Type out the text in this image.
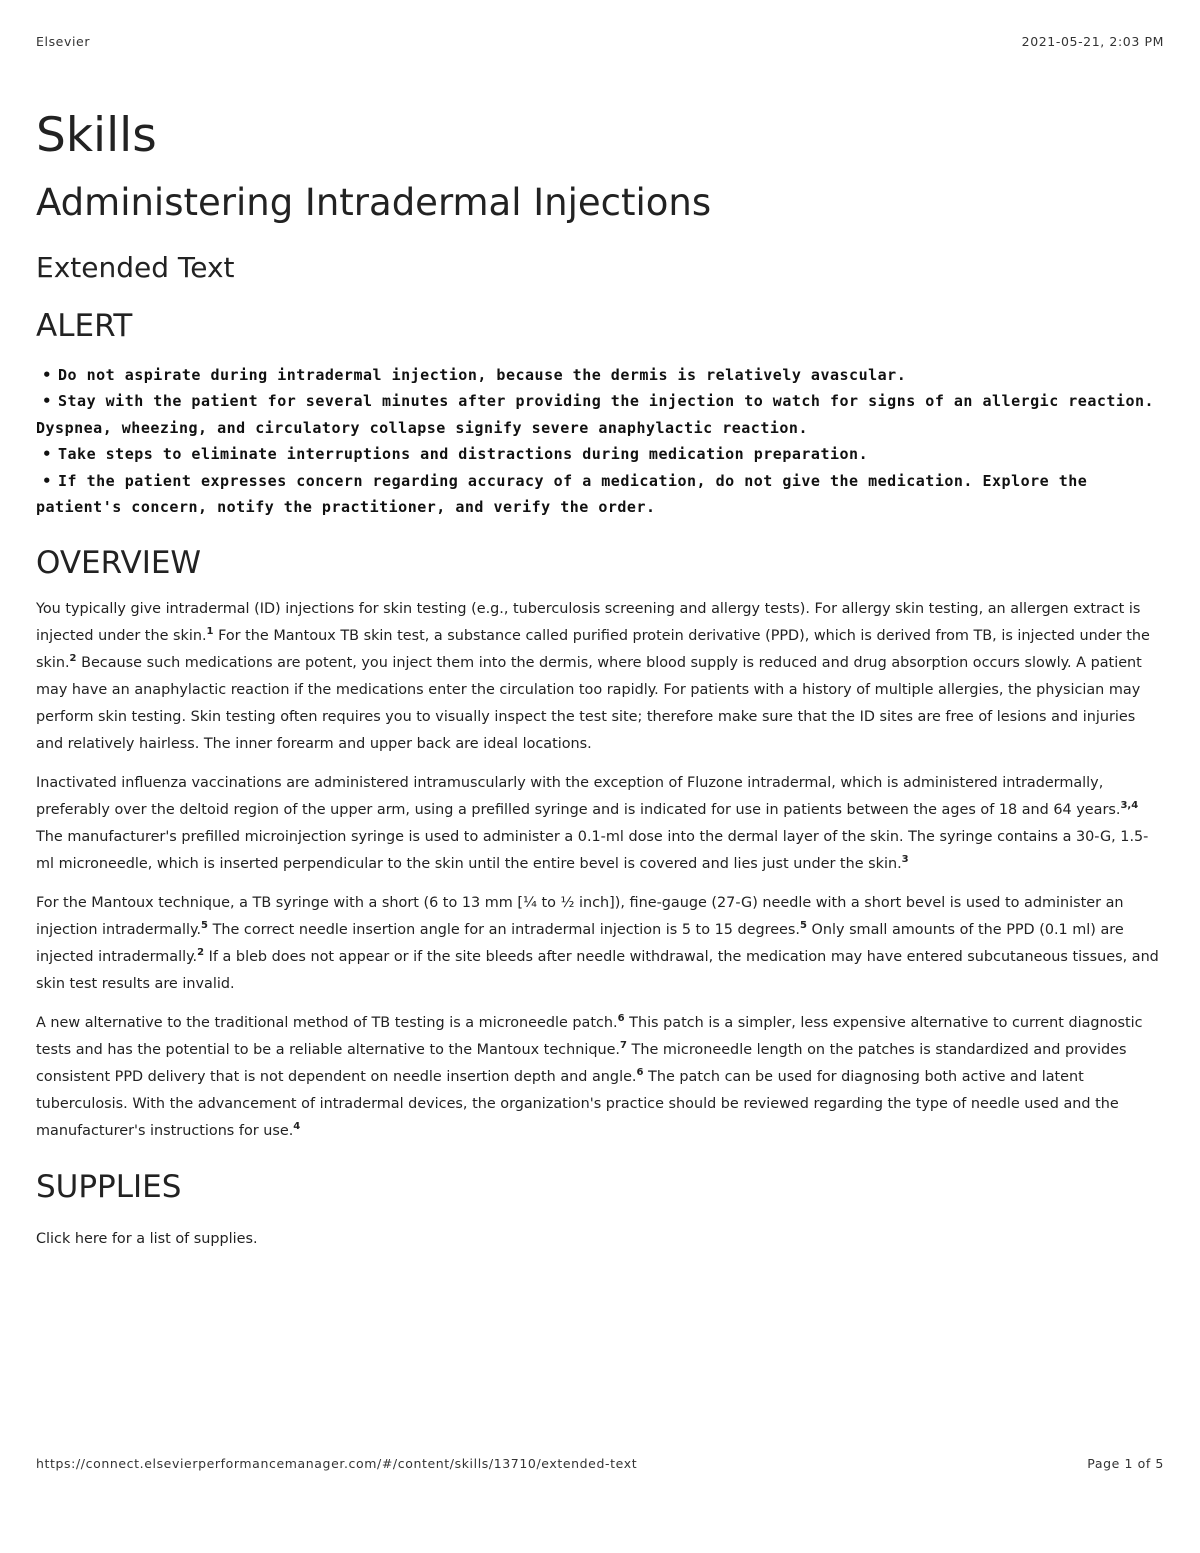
Elsevier	2021-05-21, 2:03 PM
Skills
Administering Intradermal Injections
Extended Text
ALERT
• Do not aspirate during intradermal injection, because the dermis is relatively avascular.
• Stay with the patient for several minutes after providing the injection to watch for signs of an allergic reaction. Dyspnea, wheezing, and circulatory collapse signify severe anaphylactic reaction.
• Take steps to eliminate interruptions and distractions during medication preparation.
• If the patient expresses concern regarding accuracy of a medication, do not give the medication. Explore the patient's concern, notify the practitioner, and verify the order.
OVERVIEW

You typically give intradermal (ID) injections for skin testing (e.g., tuberculosis screening and allergy tests). For allergy skin testing, an allergen extract is injected under the skin.$^1$ For the Mantoux TB skin test, a substance called purified protein derivative (PPD), which is derived from TB, is injected under the skin.$^2$ Because such medications are potent, you inject them into the dermis, where blood supply is reduced and drug absorption occurs slowly. A patient may have an anaphylactic reaction if the medications enter the circulation too rapidly. For patients with a history of multiple allergies, the physician may perform skin testing. Skin testing often requires you to visually inspect the test site; therefore make sure that the ID sites are free of lesions and injuries and relatively hairless. The inner forearm and upper back are ideal locations.

Inactivated influenza vaccinations are administered intramuscularly with the exception of Fluzone intradermal, which is administered intradermally, preferably over the deltoid region of the upper arm, using a prefilled syringe and is indicated for use in patients between the ages of 18 and 64 years.$^{3,4}$ The manufacturer's prefilled microinjection syringe is used to administer a 0.1-ml dose into the dermal layer of the skin. The syringe contains a 30-G, 1.5-ml microneedle, which is inserted perpendicular to the skin until the entire bevel is covered and lies just under the skin.$^3$

For the Mantoux technique, a TB syringe with a short (6 to 13 mm [¼ to ½ inch]), fine-gauge (27-G) needle with a short bevel is used to administer an injection intradermally.$^5$ The correct needle insertion angle for an intradermal injection is 5 to 15 degrees.$^5$ Only small amounts of the PPD (0.1 ml) are injected intradermally.$^2$ If a bleb does not appear or if the site bleeds after needle withdrawal, the medication may have entered subcutaneous tissues, and skin test results are invalid.

A new alternative to the traditional method of TB testing is a microneedle patch.$^6$ This patch is a simpler, less expensive alternative to current diagnostic tests and has the potential to be a reliable alternative to the Mantoux technique.$^7$ The microneedle length on the patches is standardized and provides consistent PPD delivery that is not dependent on needle insertion depth and angle.$^6$ The patch can be used for diagnosing both active and latent tuberculosis. With the advancement of intradermal devices, the organization's practice should be reviewed regarding the type of needle used and the manufacturer's instructions for use.$^4$

SUPPLIES
Click here for a list of supplies.
https://connect.elsevierperformancemanager.com/#/content/skills/13710/extended-text	Page 1 of 5
